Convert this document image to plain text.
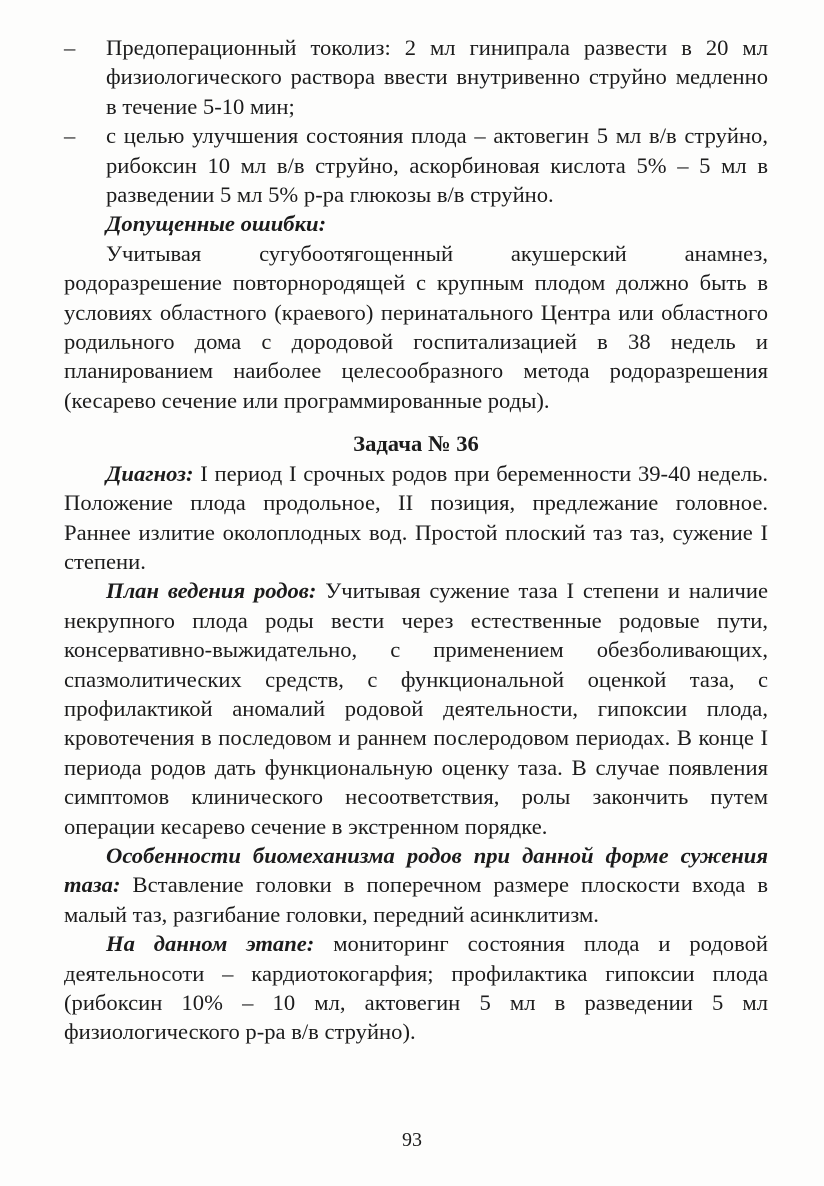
– Предоперационный токолиз: 2 мл гинипрала развести в 20 мл физиологического раствора ввести внутривенно струйно медленно в течение 5-10 мин;
– с целью улучшения состояния плода – актовегин 5 мл в/в струйно, рибоксин 10 мл в/в струйно, аскорбиновая кислота 5% – 5 мл в разведении 5 мл 5% р-ра глюкозы в/в струйно.

Допущенные ошибки:

Учитывая сугубоотягощенный акушерский анамнез, родоразрешение повторнородящей с крупным плодом должно быть в условиях областного (краевого) перинатального Центра или областного родильного дома с дородовой госпитализацией в 38 недель и планированием наиболее целесообразного метода родоразрешения (кесарево сечение или программированные роды).

Задача № 36

Диагноз: I период I срочных родов при беременности 39-40 недель. Положение плода продольное, II позиция, предлежание головное. Раннее излитие околоплодных вод. Простой плоский таз таз, сужение I степени.

План ведения родов: Учитывая сужение таза I степени и наличие некрупного плода роды вести через естественные родовые пути, консервативно-выжидательно, с применением обезболивающих, спазмолитических средств, с функциональной оценкой таза, с профилактикой аномалий родовой деятельности, гипоксии плода, кровотечения в последовом и раннем послеродовом периодах. В конце I периода родов дать функциональную оценку таза. В случае появления симптомов клинического несоответствия, ролы закончить путем операции кесарево сечение в экстренном порядке.

Особенности биомеханизма родов при данной форме сужения таза: Вставление головки в поперечном размере плоскости входа в малый таз, разгибание головки, передний асинклитизм.

На данном этапе: мониторинг состояния плода и родовой деятельносоти – кардиотокогарфия; профилактика гипоксии плода (рибоксин 10% – 10 мл, актовегин 5 мл в разведении 5 мл физиологического р-ра в/в струйно).

93
